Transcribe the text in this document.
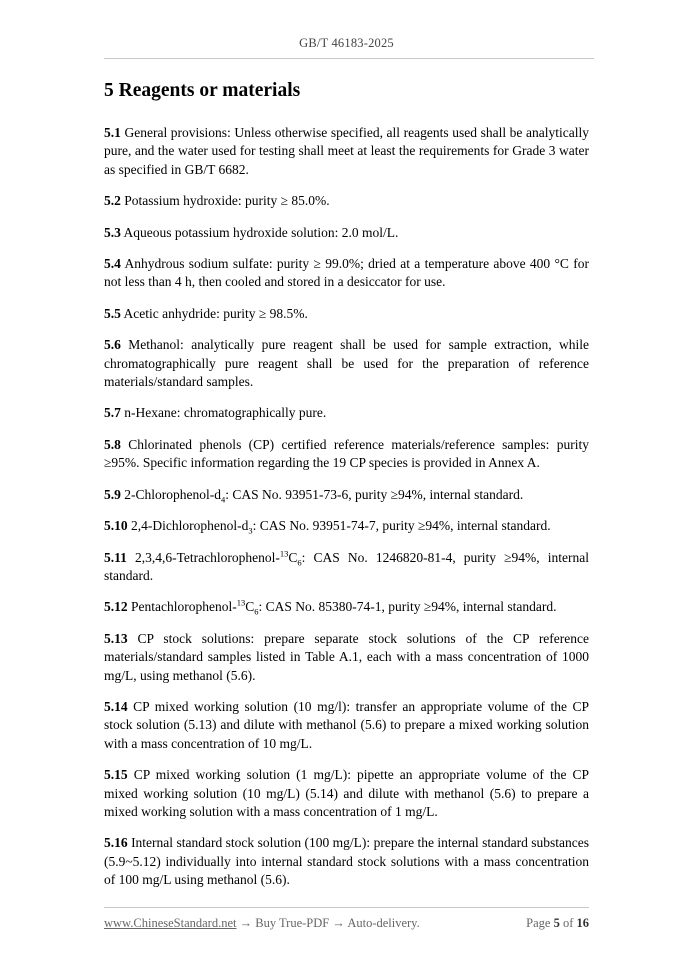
GB/T 46183-2025
5 Reagents or materials

5.1 General provisions: Unless otherwise specified, all reagents used shall be analytically pure, and the water used for testing shall meet at least the requirements for Grade 3 water as specified in GB/T 6682.

5.2 Potassium hydroxide: purity ≥ 85.0%.

5.3 Aqueous potassium hydroxide solution: 2.0 mol/L.

5.4 Anhydrous sodium sulfate: purity ≥ 99.0%; dried at a temperature above 400 °C for not less than 4 h, then cooled and stored in a desiccator for use.

5.5 Acetic anhydride: purity ≥ 98.5%.

5.6 Methanol: analytically pure reagent shall be used for sample extraction, while chromatographically pure reagent shall be used for the preparation of reference materials/standard samples.

5.7 n-Hexane: chromatographically pure.

5.8 Chlorinated phenols (CP) certified reference materials/reference samples: purity ≥95%. Specific information regarding the 19 CP species is provided in Annex A.

5.9 $2-Chlorophenol-d_4$: CAS No. 93951-73-6, purity ≥94%, internal standard.

5.10 $2,4-Dichlorophenol-d_3$: CAS No. 93951-74-7, purity ≥94%, internal standard.

5.11 $2,3,4,6-Tetrachlorophenol-^{13}C_6$: CAS No. 1246820-81-4, purity ≥94%, internal standard.

5.12 Pentachlorophenol-$^{13}C_6$: CAS No. 85380-74-1, purity ≥94%, internal standard.

5.13 CP stock solutions: prepare separate stock solutions of the CP reference materials/standard samples listed in Table A.1, each with a mass concentration of 1000 mg/L, using methanol (5.6).

5.14 CP mixed working solution (10 mg/l): transfer an appropriate volume of the CP stock solution (5.13) and dilute with methanol (5.6) to prepare a mixed working solution with a mass concentration of 10 mg/L.

5.15 CP mixed working solution (1 mg/L): pipette an appropriate volume of the CP mixed working solution (10 mg/L) (5.14) and dilute with methanol (5.6) to prepare a mixed working solution with a mass concentration of 1 mg/L.

5.16 Internal standard stock solution (100 mg/L): prepare the internal standard substances (5.9~5.12) individually into internal standard stock solutions with a mass concentration of 100 mg/L using methanol (5.6).

www.ChineseStandard.net → Buy True-PDF → Auto-delivery.	Page 5 of 16
